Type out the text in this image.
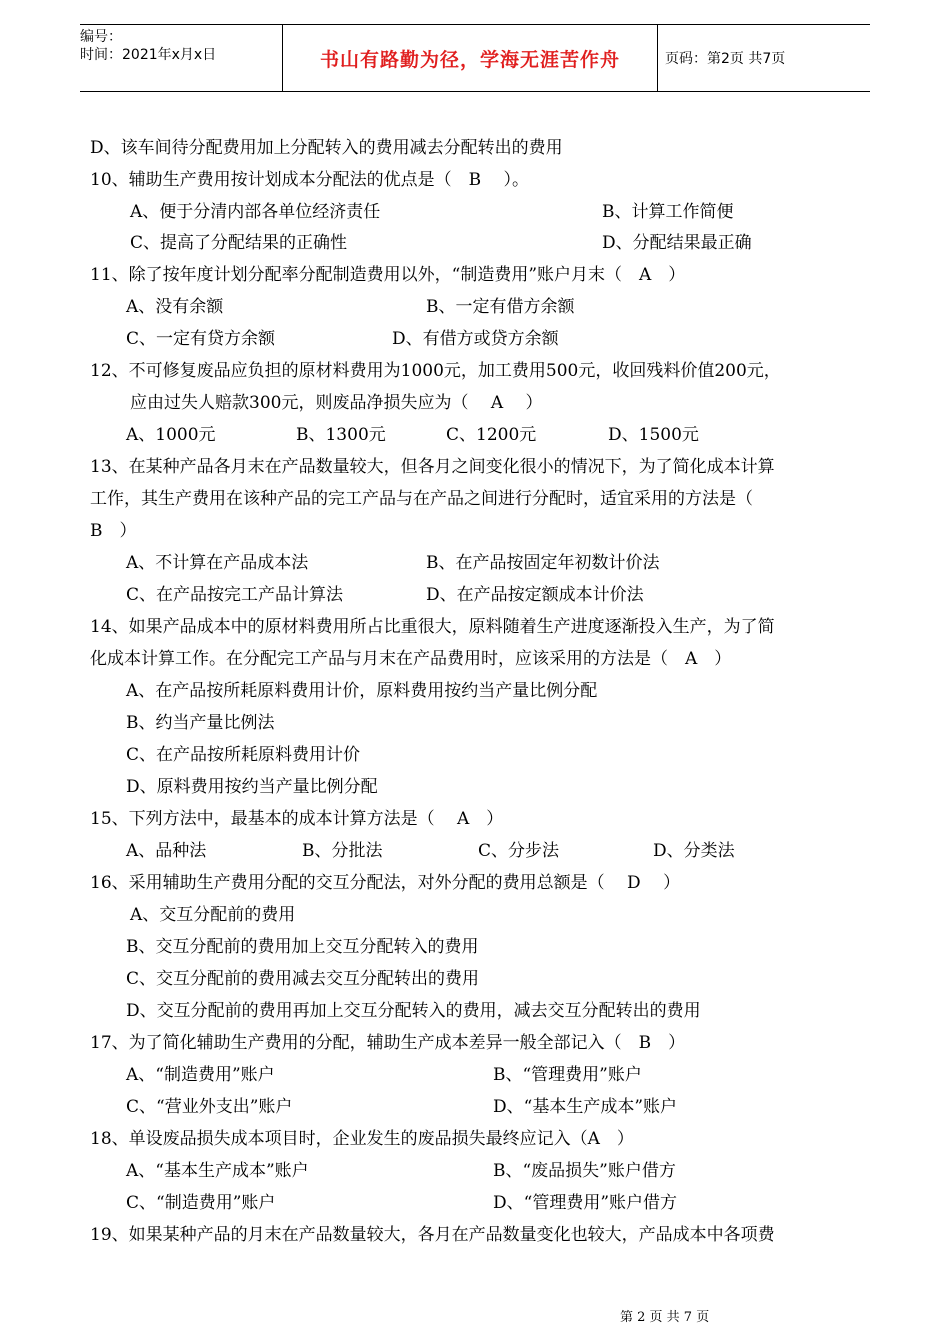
编号：
时间：2021年x月x日	书山有路勤为径，学海无涯苦作舟	页码：第2页 共7页
D、该车间待分配费用加上分配转入的费用减去分配转出的费用
10、辅助生产费用按计划成本分配法的优点是（　B　 ）。
A、便于分清内部各单位经济责任	B、计算工作简便
C、提高了分配结果的正确性	D、分配结果最正确
11、除了按年度计划分配率分配制造费用以外，“制造费用”账户月末（　A　）
A、没有余额	B、一定有借方余额
C、一定有贷方余额	D、有借方或贷方余额
12、不可修复废品应负担的原材料费用为1000元，加工费用500元，收回残料价值200元，
应由过失人赔款300元，则废品净损失应为（　 A　 ）
A、1000元	B、1300元	C、1200元	D、1500元
13、在某种产品各月末在产品数量较大，但各月之间变化很小的情况下，为了简化成本计算
工作，其生产费用在该种产品的完工产品与在产品之间进行分配时，适宜采用的方法是（
B　）
A、不计算在产品成本法	B、在产品按固定年初数计价法
C、在产品按完工产品计算法	D、在产品按定额成本计价法
14、如果产品成本中的原材料费用所占比重很大，原料随着生产进度逐渐投入生产，为了简
化成本计算工作。在分配完工产品与月末在产品费用时，应该采用的方法是（　A　）
A、在产品按所耗原料费用计价，原料费用按约当产量比例分配
B、约当产量比例法
C、在产品按所耗原料费用计价
D、原料费用按约当产量比例分配
15、下列方法中，最基本的成本计算方法是（　 A　）
A、品种法	B、分批法	C、分步法	D、分类法
16、采用辅助生产费用分配的交互分配法，对外分配的费用总额是（　 D　 ）
A、交互分配前的费用
B、交互分配前的费用加上交互分配转入的费用
C、交互分配前的费用减去交互分配转出的费用
D、交互分配前的费用再加上交互分配转入的费用，减去交互分配转出的费用
17、为了简化辅助生产费用的分配，辅助生产成本差异一般全部记入（　B　）
A、“制造费用”账户	B、“管理费用”账户
C、“营业外支出”账户	D、“基本生产成本”账户
18、单设废品损失成本项目时，企业发生的废品损失最终应记入（A　）
A、“基本生产成本”账户	B、“废品损失”账户借方
C、“制造费用”账户	D、“管理费用”账户借方
19、如果某种产品的月末在产品数量较大，各月在产品数量变化也较大，产品成本中各项费
第 2 页 共 7 页
